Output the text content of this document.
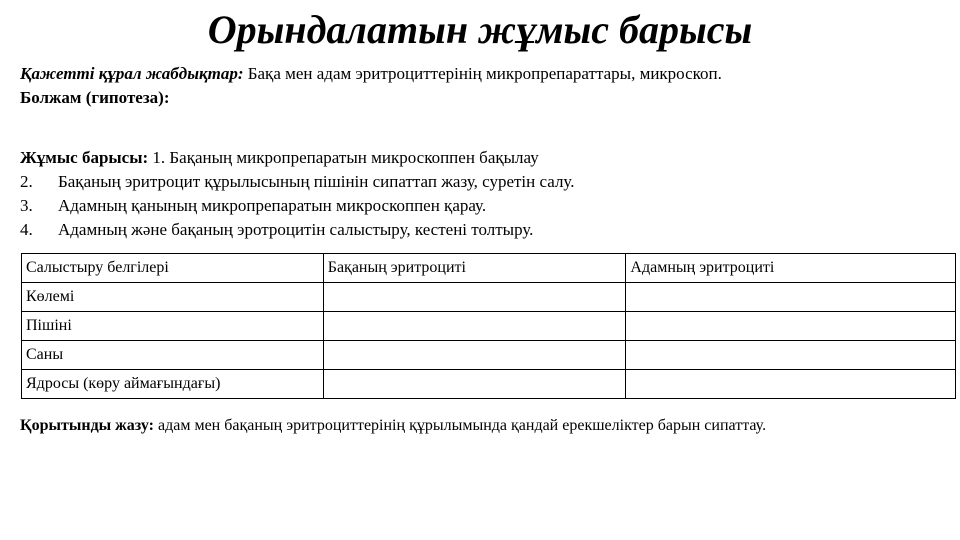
Орындалатын жұмыс барысы
Қажетті құрал жабдықтар: Бақа мен адам эритроциттерінің микропрепараттары, микроскоп.
Болжам (гипотеза):
Жұмыс барысы: 1. Бақаның микропрепаратын микроскоппен бақылау
2. Бақаның эритроцит құрылысының пішінін сипаттап жазу, суретін салу.
3. Адамның қанының микропрепаратын микроскоппен қарау.
4. Адамның және бақаның эротроцитін салыстыру, кестені толтыру.
Салыстыру белгілері	Бақаның эритроциті	Адамның эритроциті
Көлемі		
Пішіні		
Саны		
Ядросы (көру аймағындағы)		
Қорытынды жазу: адам мен бақаның эритроциттерінің құрылымында қандай ерекшеліктер барын сипаттау.
